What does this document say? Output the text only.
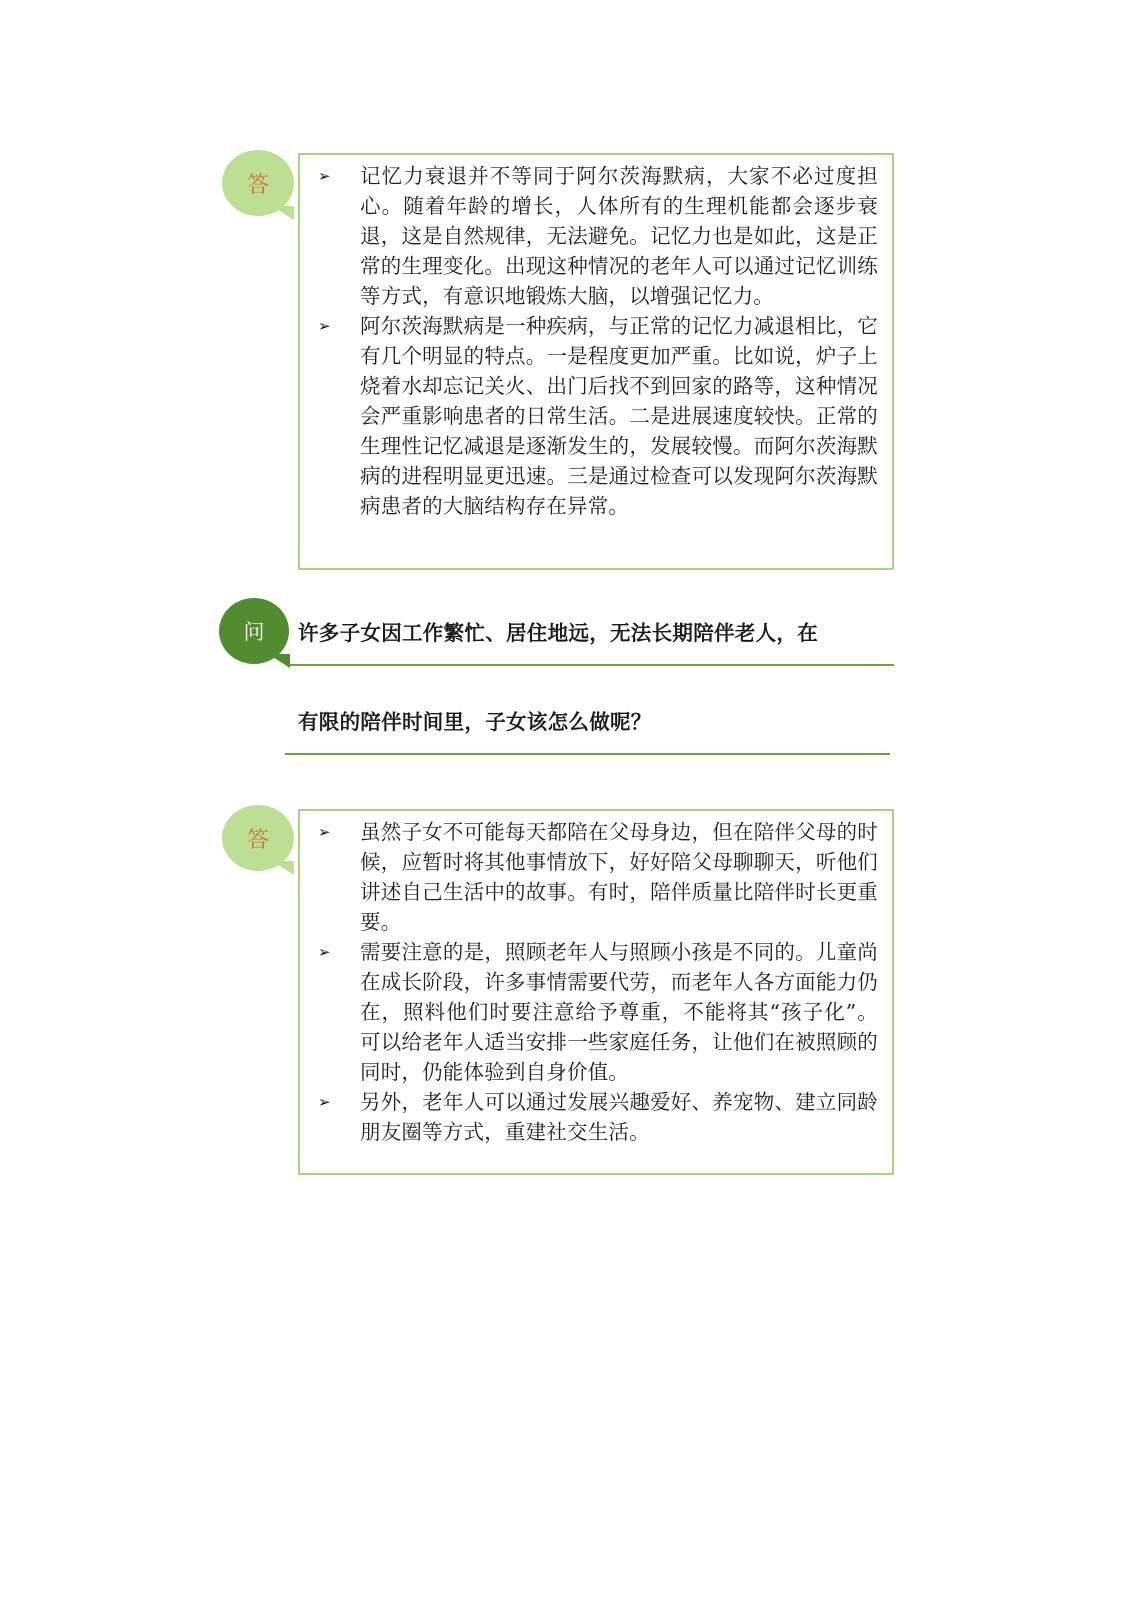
答	➢	记忆力衰退并不等同于阿尔茨海默病，大家不必过度担心。随着年龄的增长，人体所有的生理机能都会逐步衰退，这是自然规律，无法避免。记忆力也是如此，这是正常的生理变化。出现这种情况的老年人可以通过记忆训练等方式，有意识地锻炼大脑，以增强记忆力。
➢	阿尔茨海默病是一种疾病，与正常的记忆力减退相比，它有几个明显的特点。一是程度更加严重。比如说，炉子上烧着水却忘记关火、出门后找不到回家的路等，这种情况会严重影响患者的日常生活。二是进展速度较快。正常的生理性记忆减退是逐渐发生的，发展较慢。而阿尔茨海默病的进程明显更迅速。三是通过检查可以发现阿尔茨海默病患者的大脑结构存在异常。
问 许多子女因工作繁忙、居住地远，无法长期陪伴老人，在
有限的陪伴时间里，子女该怎么做呢？
答	➢	虽然子女不可能每天都陪在父母身边，但在陪伴父母的时候，应暂时将其他事情放下，好好陪父母聊聊天，听他们讲述自己生活中的故事。有时，陪伴质量比陪伴时长更重要。
➢	需要注意的是，照顾老年人与照顾小孩是不同的。儿童尚在成长阶段，许多事情需要代劳，而老年人各方面能力仍在，照料他们时要注意给予尊重，不能将其“孩子化”。可以给老年人适当安排一些家庭任务，让他们在被照顾的同时，仍能体验到自身价值。
➢	另外，老年人可以通过发展兴趣爱好、养宠物、建立同龄朋友圈等方式，重建社交生活。
